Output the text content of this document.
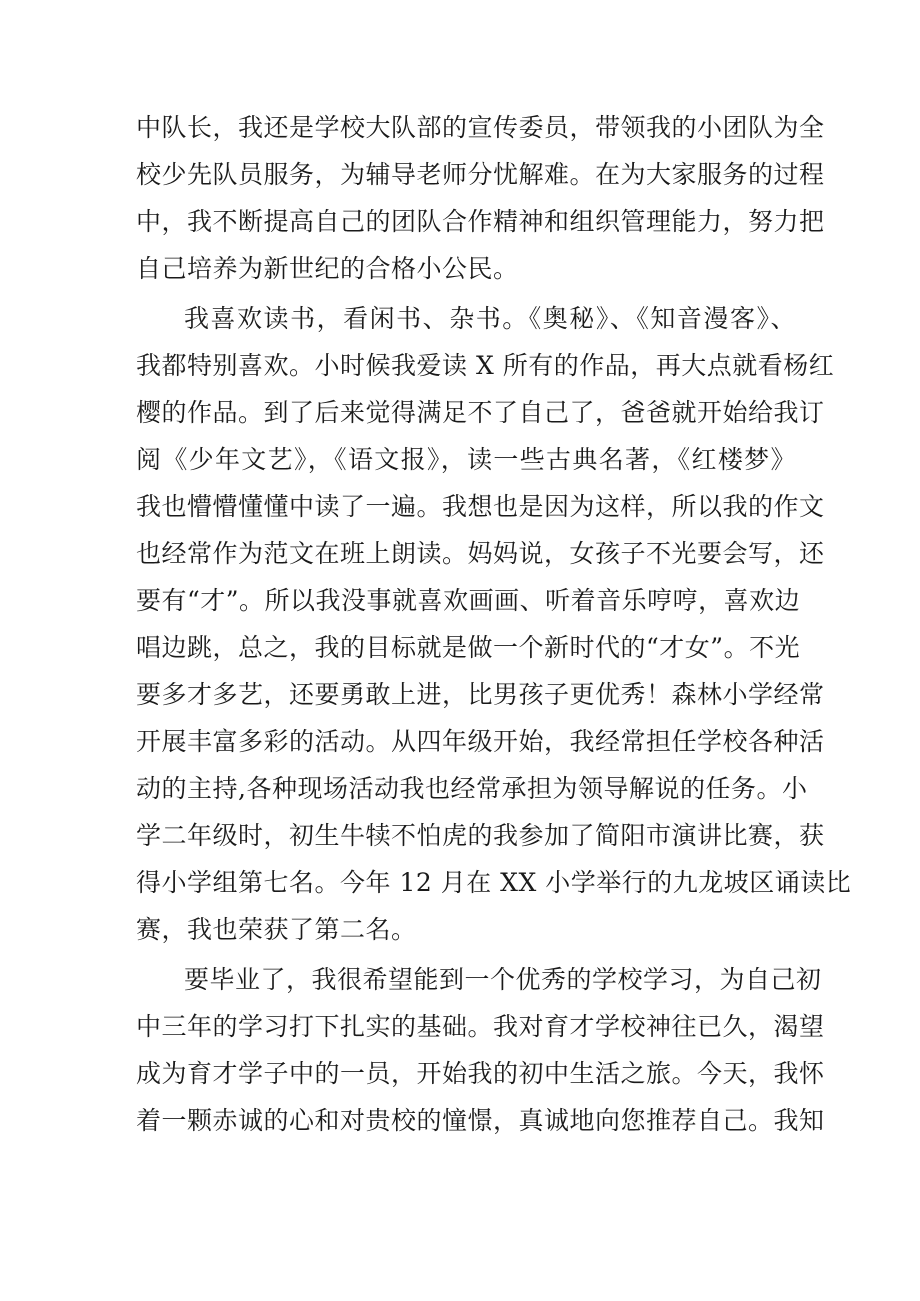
中队长，我还是学校大队部的宣传委员，带领我的小团队为全
校少先队员服务，为辅导老师分忧解难。在为大家服务的过程
中，我不断提高自己的团队合作精神和组织管理能力，努力把
自己培养为新世纪的合格小公民。
我喜欢读书，看闲书、杂书。《奥秘》、《知音漫客》、
我都特别喜欢。小时候我爱读 X 所有的作品，再大点就看杨红
樱的作品。到了后来觉得满足不了自己了，爸爸就开始给我订
阅《少年文艺》，《语文报》，读一些古典名著，《红楼梦》
我也懵懵懂懂中读了一遍。我想也是因为这样，所以我的作文
也经常作为范文在班上朗读。妈妈说，女孩子不光要会写，还
要有“才”。所以我没事就喜欢画画、听着音乐哼哼，喜欢边
唱边跳，总之，我的目标就是做一个新时代的“才女”。不光
要多才多艺，还要勇敢上进，比男孩子更优秀！森林小学经常
开展丰富多彩的活动。从四年级开始，我经常担任学校各种活
动的主持,各种现场活动我也经常承担为领导解说的任务。小
学二年级时，初生牛犊不怕虎的我参加了简阳市演讲比赛，获
得小学组第七名。今年 12 月在 XX 小学举行的九龙坡区诵读比
赛，我也荣获了第二名。
要毕业了，我很希望能到一个优秀的学校学习，为自己初
中三年的学习打下扎实的基础。我对育才学校神往已久，渴望
成为育才学子中的一员，开始我的初中生活之旅。今天，我怀
着一颗赤诚的心和对贵校的憧憬，真诚地向您推荐自己。我知
